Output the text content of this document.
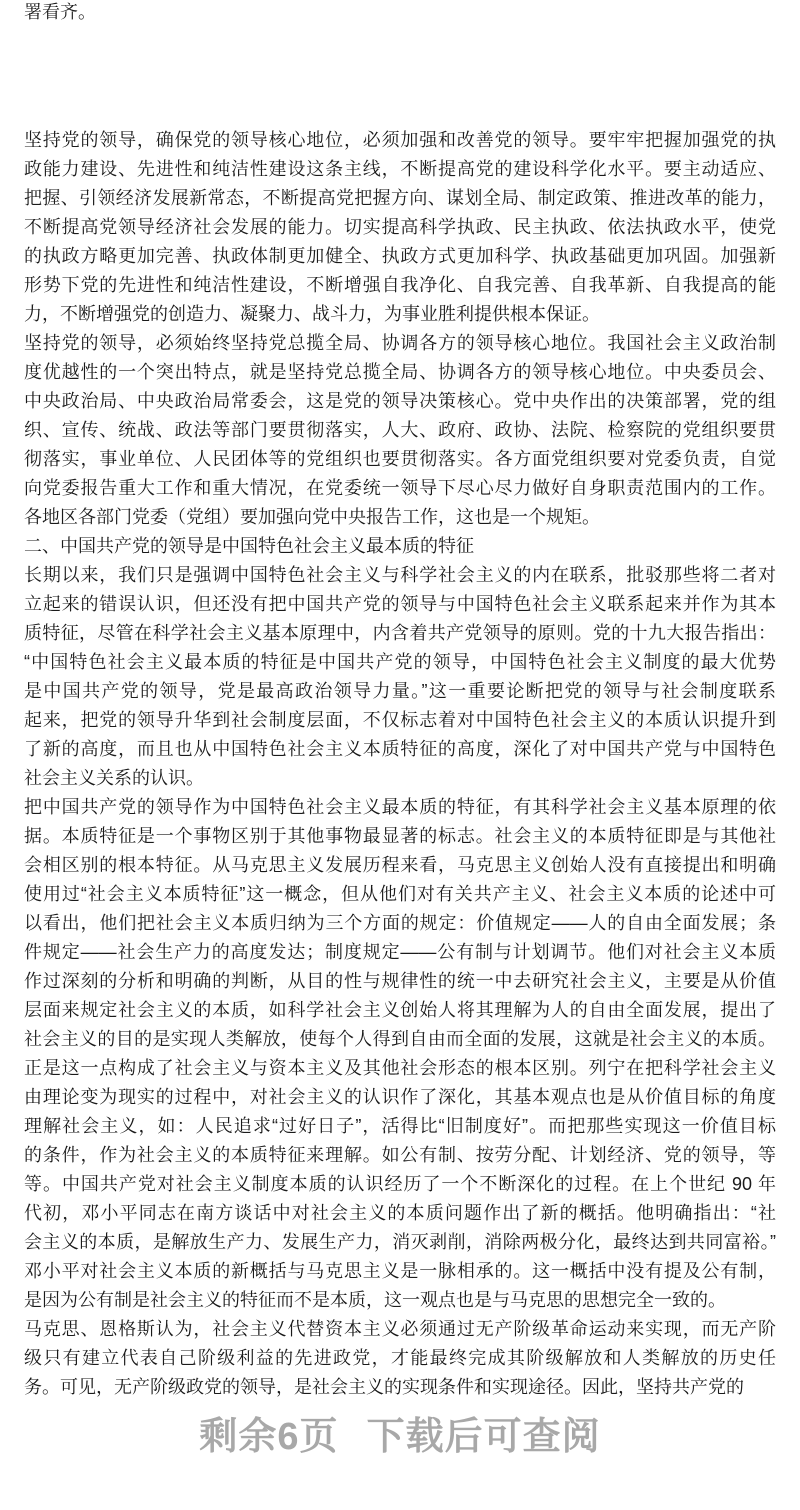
署看齐。
坚持党的领导，确保党的领导核心地位，必须加强和改善党的领导。要牢牢把握加强党的执
政能力建设、先进性和纯洁性建设这条主线，不断提高党的建设科学化水平。要主动适应、
把握、引领经济发展新常态，不断提高党把握方向、谋划全局、制定政策、推进改革的能力，
不断提高党领导经济社会发展的能力。切实提高科学执政、民主执政、依法执政水平，使党
的执政方略更加完善、执政体制更加健全、执政方式更加科学、执政基础更加巩固。加强新
形势下党的先进性和纯洁性建设，不断增强自我净化、自我完善、自我革新、自我提高的能
力，不断增强党的创造力、凝聚力、战斗力，为事业胜利提供根本保证。
坚持党的领导，必须始终坚持党总揽全局、协调各方的领导核心地位。我国社会主义政治制
度优越性的一个突出特点，就是坚持党总揽全局、协调各方的领导核心地位。中央委员会、
中央政治局、中央政治局常委会，这是党的领导决策核心。党中央作出的决策部署，党的组
织、宣传、统战、政法等部门要贯彻落实，人大、政府、政协、法院、检察院的党组织要贯
彻落实，事业单位、人民团体等的党组织也要贯彻落实。各方面党组织要对党委负责，自觉
向党委报告重大工作和重大情况，在党委统一领导下尽心尽力做好自身职责范围内的工作。
各地区各部门党委（党组）要加强向党中央报告工作，这也是一个规矩。
二、中国共产党的领导是中国特色社会主义最本质的特征
长期以来，我们只是强调中国特色社会主义与科学社会主义的内在联系，批驳那些将二者对
立起来的错误认识，但还没有把中国共产党的领导与中国特色社会主义联系起来并作为其本
质特征，尽管在科学社会主义基本原理中，内含着共产党领导的原则。党的十九大报告指出：
“中国特色社会主义最本质的特征是中国共产党的领导，中国特色社会主义制度的最大优势
是中国共产党的领导，党是最高政治领导力量。”这一重要论断把党的领导与社会制度联系
起来，把党的领导升华到社会制度层面，不仅标志着对中国特色社会主义的本质认识提升到
了新的高度，而且也从中国特色社会主义本质特征的高度，深化了对中国共产党与中国特色
社会主义关系的认识。
把中国共产党的领导作为中国特色社会主义最本质的特征，有其科学社会主义基本原理的依
据。本质特征是一个事物区别于其他事物最显著的标志。社会主义的本质特征即是与其他社
会相区别的根本特征。从马克思主义发展历程来看，马克思主义创始人没有直接提出和明确
使用过“社会主义本质特征”这一概念，但从他们对有关共产主义、社会主义本质的论述中可
以看出，他们把社会主义本质归纳为三个方面的规定：价值规定——人的自由全面发展；条
件规定——社会生产力的高度发达；制度规定——公有制与计划调节。他们对社会主义本质
作过深刻的分析和明确的判断，从目的性与规律性的统一中去研究社会主义，主要是从价值
层面来规定社会主义的本质，如科学社会主义创始人将其理解为人的自由全面发展，提出了
社会主义的目的是实现人类解放，使每个人得到自由而全面的发展，这就是社会主义的本质。
正是这一点构成了社会主义与资本主义及其他社会形态的根本区别。列宁在把科学社会主义
由理论变为现实的过程中，对社会主义的认识作了深化，其基本观点也是从价值目标的角度
理解社会主义，如：人民追求“过好日子”，活得比“旧制度好”。而把那些实现这一价值目标
的条件，作为社会主义的本质特征来理解。如公有制、按劳分配、计划经济、党的领导，等
等。中国共产党对社会主义制度本质的认识经历了一个不断深化的过程。在上个世纪 90 年
代初，邓小平同志在南方谈话中对社会主义的本质问题作出了新的概括。他明确指出：“社
会主义的本质，是解放生产力、发展生产力，消灭剥削，消除两极分化，最终达到共同富裕。”
邓小平对社会主义本质的新概括与马克思主义是一脉相承的。这一概括中没有提及公有制，
是因为公有制是社会主义的特征而不是本质，这一观点也是与马克思的思想完全一致的。
马克思、恩格斯认为，社会主义代替资本主义必须通过无产阶级革命运动来实现，而无产阶
级只有建立代表自己阶级利益的先进政党，才能最终完成其阶级解放和人类解放的历史任
务。可见，无产阶级政党的领导，是社会主义的实现条件和实现途径。因此，坚持共产党的
剩余6页 下载后可查阅
